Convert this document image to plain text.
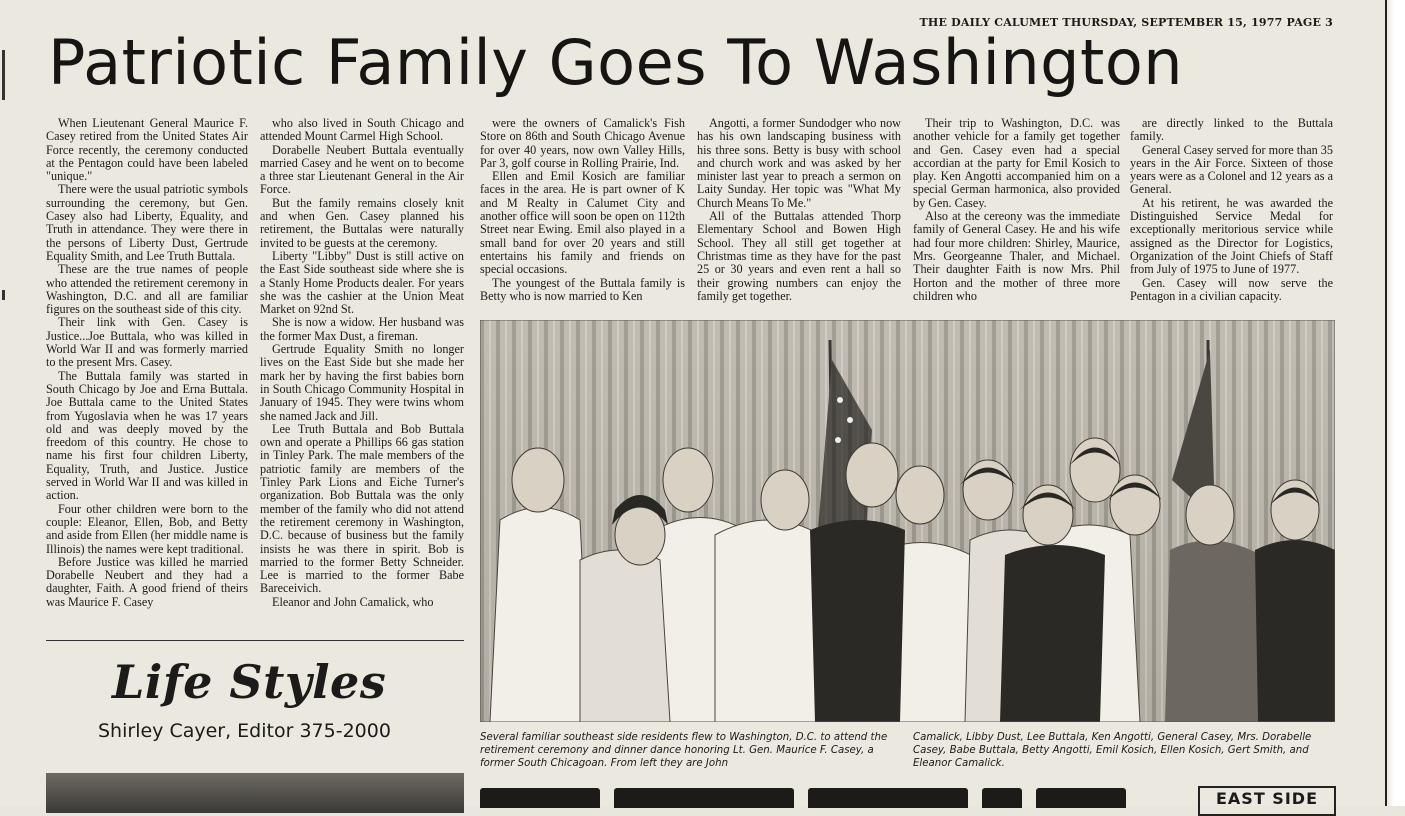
THE DAILY CALUMET THURSDAY, SEPTEMBER 15, 1977 PAGE 3
Patriotic Family Goes To Washington

When Lieutenant General Maurice F. Casey retired from the United States Air Force recently, the ceremony conducted at the Pentagon could have been labeled "unique."

There were the usual patriotic symbols surrounding the ceremony, but Gen. Casey also had Liberty, Equality, and Truth in attendance. They were there in the persons of Liberty Dust, Gertrude Equality Smith, and Lee Truth Buttala.

These are the true names of people who attended the retirement ceremony in Washington, D.C. and all are familiar figures on the southeast side of this city.

Their link with Gen. Casey is Justice...Joe Buttala, who was killed in World War II and was formerly married to the present Mrs. Casey.

The Buttala family was started in South Chicago by Joe and Erna Buttala. Joe Buttala came to the United States from Yugoslavia when he was 17 years old and was deeply moved by the freedom of this country. He chose to name his first four children Liberty, Equality, Truth, and Justice. Justice served in World War II and was killed in action.

Four other children were born to the couple: Eleanor, Ellen, Bob, and Betty and aside from Ellen (her middle name is Illinois) the names were kept traditional.

Before Justice was killed he married Dorabelle Neubert and they had a daughter, Faith. A good friend of theirs was Maurice F. Casey

who also lived in South Chicago and attended Mount Carmel High School.

Dorabelle Neubert Buttala eventually married Casey and he went on to become a three star Lieutenant General in the Air Force.

But the family remains closely knit and when Gen. Casey planned his retirement, the Buttalas were naturally invited to be guests at the ceremony.

Liberty "Libby" Dust is still active on the East Side southeast side where she is a Stanly Home Products dealer. For years she was the cashier at the Union Meat Market on 92nd St.

She is now a widow. Her husband was the former Max Dust, a fireman.

Gertrude Equality Smith no longer lives on the East Side but she made her mark her by having the first babies born in South Chicago Community Hospital in January of 1945. They were twins whom she named Jack and Jill.

Lee Truth Buttala and Bob Buttala own and operate a Phillips 66 gas station in Tinley Park. The male members of the patriotic family are members of the Tinley Park Lions and Eiche Turner's organization. Bob Buttala was the only member of the family who did not attend the retirement ceremony in Washington, D.C. because of business but the family insists he was there in spirit. Bob is married to the former Betty Schneider. Lee is married to the former Babe Bareceivich.

Eleanor and John Camalick, who

were the owners of Camalick's Fish Store on 86th and South Chicago Avenue for over 40 years, now own Valley Hills, Par 3, golf course in Rolling Prairie, Ind.

Ellen and Emil Kosich are familiar faces in the area. He is part owner of K and M Realty in Calumet City and another office will soon be open on 112th Street near Ewing. Emil also played in a small band for over 20 years and still entertains his family and friends on special occasions.

The youngest of the Buttala family is Betty who is now married to Ken

Angotti, a former Sundodger who now has his own landscaping business with his three sons. Betty is busy with school and church work and was asked by her minister last year to preach a sermon on Laity Sunday. Her topic was "What My Church Means To Me."

All of the Buttalas attended Thorp Elementary School and Bowen High School. They all still get together at Christmas time as they have for the past 25 or 30 years and even rent a hall so their growing numbers can enjoy the family get together.

Their trip to Washington, D.C. was another vehicle for a family get together and Gen. Casey even had a special accordian at the party for Emil Kosich to play. Ken Angotti accompanied him on a special German harmonica, also provided by Gen. Casey.

Also at the cereony was the immediate family of General Casey. He and his wife had four more children: Shirley, Maurice, Mrs. Georgeanne Thaler, and Michael. Their daughter Faith is now Mrs. Phil Horton and the mother of three more children who

are directly linked to the Buttala family.

General Casey served for more than 35 years in the Air Force. Sixteen of those years were as a Colonel and 12 years as a General.

At his retirent, he was awarded the Distinguished Service Medal for exceptionally meritorious service while assigned as the Director for Logistics, Organization of the Joint Chiefs of Staff from July of 1975 to June of 1977.

Gen. Casey will now serve the Pentagon in a civilian capacity.

Life Styles
Shirley Cayer, Editor 375-2000	Several familiar southeast side residents flew to Washington, D.C. to attend the retirement ceremony and dinner dance honoring Lt. Gen. Maurice F. Casey, a former South Chicagoan. From left they are John
Camalick, Libby Dust, Lee Buttala, Ken Angotti, General Casey, Mrs. Dorabelle Casey, Babe Buttala, Betty Angotti, Emil Kosich, Ellen Kosich, Gert Smith, and Eleanor Camalick.
EAST SIDE
